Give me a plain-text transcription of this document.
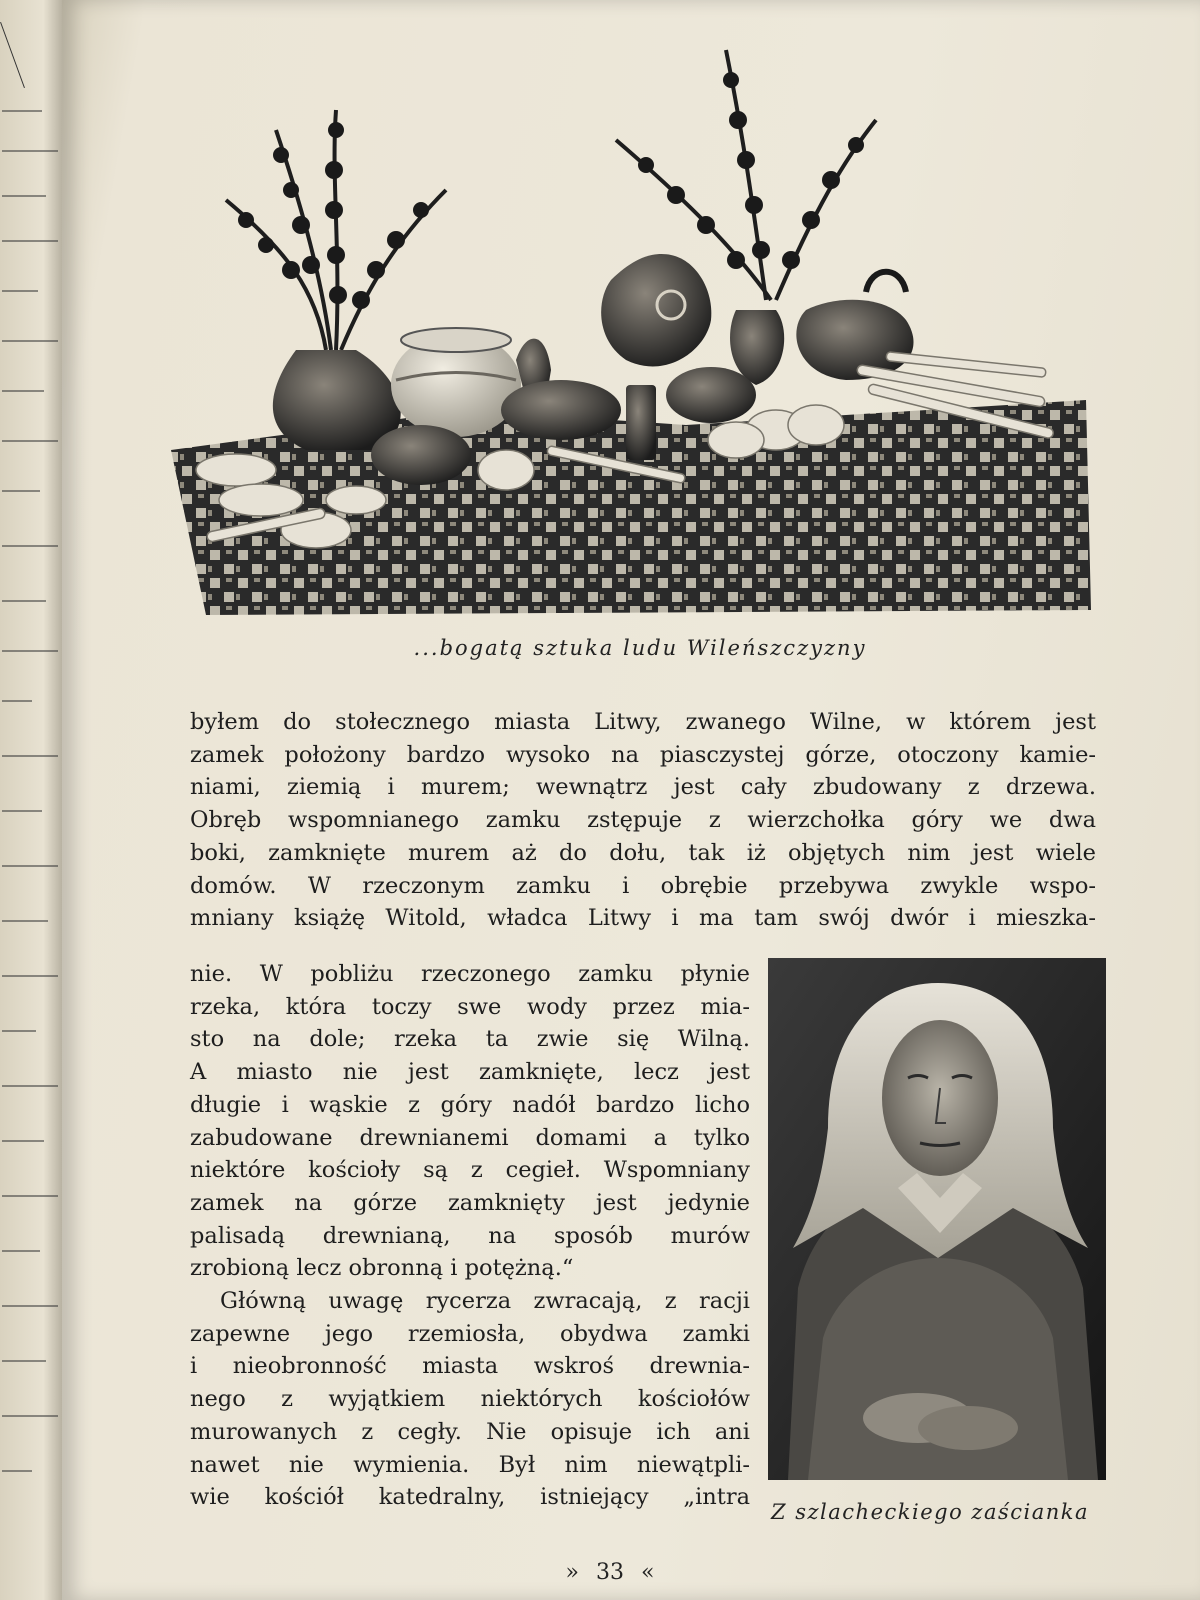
...bogatą sztuka ludu Wileńszczyzny
byłem do stołecznego miasta Litwy, zwanego Wilne, w którem jest
zamek położony bardzo wysoko na piasczystej górze, otoczony kamie-
niami, ziemią i murem; wewnątrz jest cały zbudowany z drzewa.
Obręb wspomnianego zamku zstępuje z wierzchołka góry we dwa
boki, zamknięte murem aż do dołu, tak iż objętych nim jest wiele
domów. W rzeczonym zamku i obrębie przebywa zwykle wspo-
mniany książę Witold, władca Litwy i ma tam swój dwór i mieszka-
nie. W pobliżu rzeczonego zamku płynie
rzeka, która toczy swe wody przez mia-
sto na dole; rzeka ta zwie się Wilną.
A miasto nie jest zamknięte, lecz jest
długie i wąskie z góry nadół bardzo licho
zabudowane drewnianemi domami a tylko
niektóre kościoły są z cegieł. Wspomniany
zamek na górze zamknięty jest jedynie
palisadą drewnianą, na sposób murów
zrobioną lecz obronną i potężną.“
Główną uwagę rycerza zwracają, z racji
zapewne jego rzemiosła, obydwa zamki
i nieobronność miasta wskroś drewnia-
nego z wyjątkiem niektórych kościołów
murowanych z cegły. Nie opisuje ich ani
nawet nie wymienia. Był nim niewątpli-
wie kościół katedralny, istniejący „intra
Z szlacheckiego zaścianka
» 33 «
